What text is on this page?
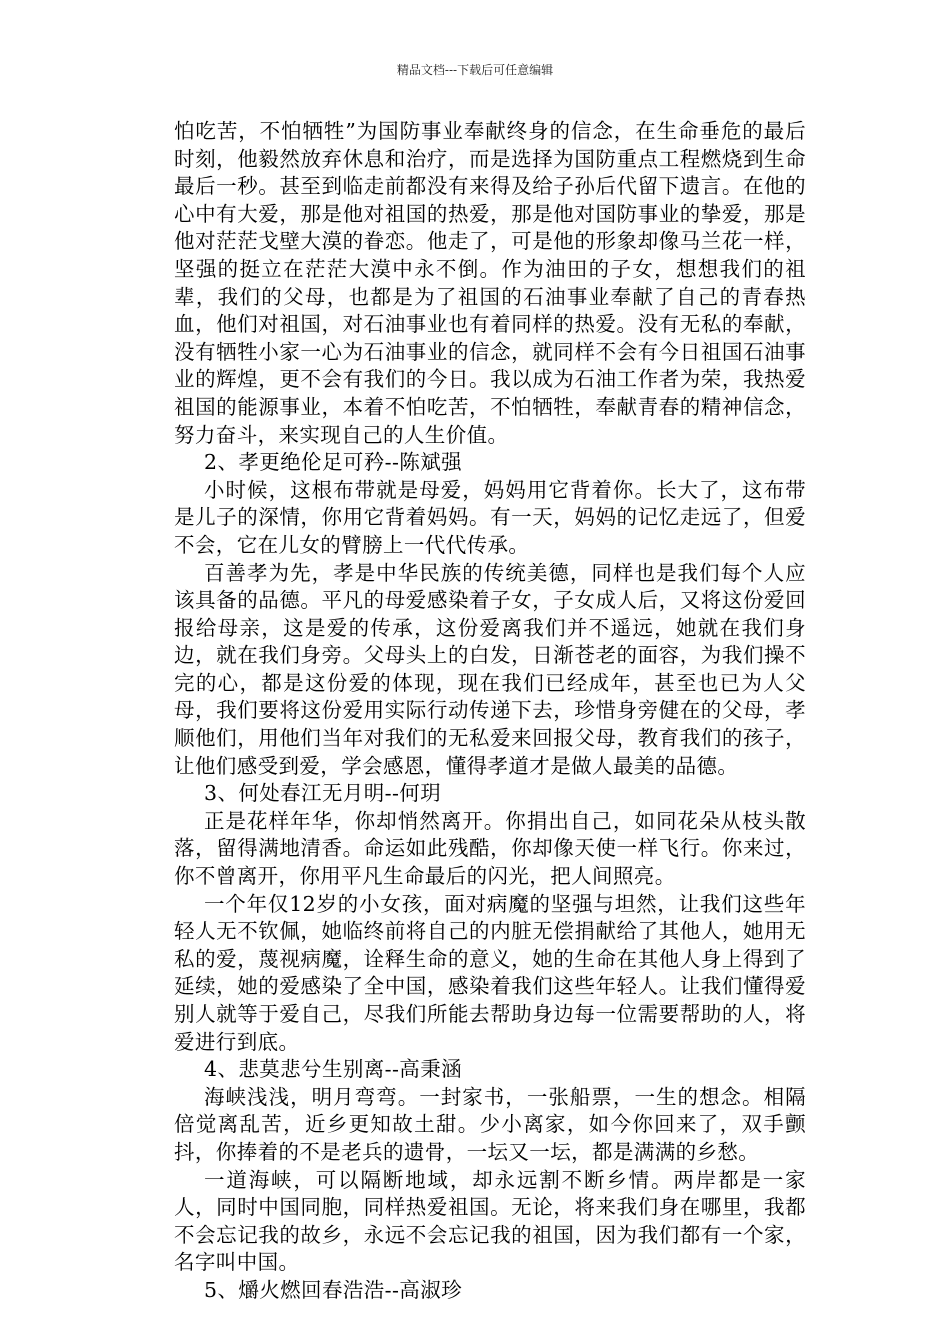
精品文档---下载后可任意编辑

怕吃苦，不怕牺牲”为国防事业奉献终身的信念，在生命垂危的最后时刻，他毅然放弃休息和治疗，而是选择为国防重点工程燃烧到生命最后一秒。甚至到临走前都没有来得及给子孙后代留下遗言。在他的心中有大爱，那是他对祖国的热爱，那是他对国防事业的挚爱，那是他对茫茫戈壁大漠的眷恋。他走了，可是他的形象却像马兰花一样，坚强的挺立在茫茫大漠中永不倒。作为油田的子女，想想我们的祖辈，我们的父母，也都是为了祖国的石油事业奉献了自己的青春热血，他们对祖国，对石油事业也有着同样的热爱。没有无私的奉献，没有牺牲小家一心为石油事业的信念，就同样不会有今日祖国石油事业的辉煌，更不会有我们的今日。我以成为石油工作者为荣，我热爱祖国的能源事业，本着不怕吃苦，不怕牺牲，奉献青春的精神信念，努力奋斗，来实现自己的人生价值。

2、孝更绝伦足可矜--陈斌强

小时候，这根布带就是母爱，妈妈用它背着你。长大了，这布带是儿子的深情，你用它背着妈妈。有一天，妈妈的记忆走远了，但爱不会，它在儿女的臂膀上一代代传承。

百善孝为先，孝是中华民族的传统美德，同样也是我们每个人应该具备的品德。平凡的母爱感染着子女，子女成人后，又将这份爱回报给母亲，这是爱的传承，这份爱离我们并不遥远，她就在我们身边，就在我们身旁。父母头上的白发，日渐苍老的面容，为我们操不完的心，都是这份爱的体现，现在我们已经成年，甚至也已为人父母，我们要将这份爱用实际行动传递下去，珍惜身旁健在的父母，孝顺他们，用他们当年对我们的无私爱来回报父母，教育我们的孩子，让他们感受到爱，学会感恩，懂得孝道才是做人最美的品德。

3、何处春江无月明--何玥

正是花样年华，你却悄然离开。你捐出自己，如同花朵从枝头散落，留得满地清香。命运如此残酷，你却像天使一样飞行。你来过，你不曾离开，你用平凡生命最后的闪光，把人间照亮。

一个年仅12岁的小女孩，面对病魔的坚强与坦然，让我们这些年轻人无不钦佩，她临终前将自己的内脏无偿捐献给了其他人，她用无私的爱，蔑视病魔，诠释生命的意义，她的生命在其他人身上得到了延续，她的爱感染了全中国，感染着我们这些年轻人。让我们懂得爱别人就等于爱自己，尽我们所能去帮助身边每一位需要帮助的人，将爱进行到底。

4、悲莫悲兮生别离--高秉涵

海峡浅浅，明月弯弯。一封家书，一张船票，一生的想念。相隔倍觉离乱苦，近乡更知故土甜。少小离家，如今你回来了，双手颤抖，你捧着的不是老兵的遗骨，一坛又一坛，都是满满的乡愁。

一道海峡，可以隔断地域，却永远割不断乡情。两岸都是一家人，同时中国同胞，同样热爱祖国。无论，将来我们身在哪里，我都不会忘记我的故乡，永远不会忘记我的祖国，因为我们都有一个家，名字叫中国。

5、爝火燃回春浩浩--高淑珍
